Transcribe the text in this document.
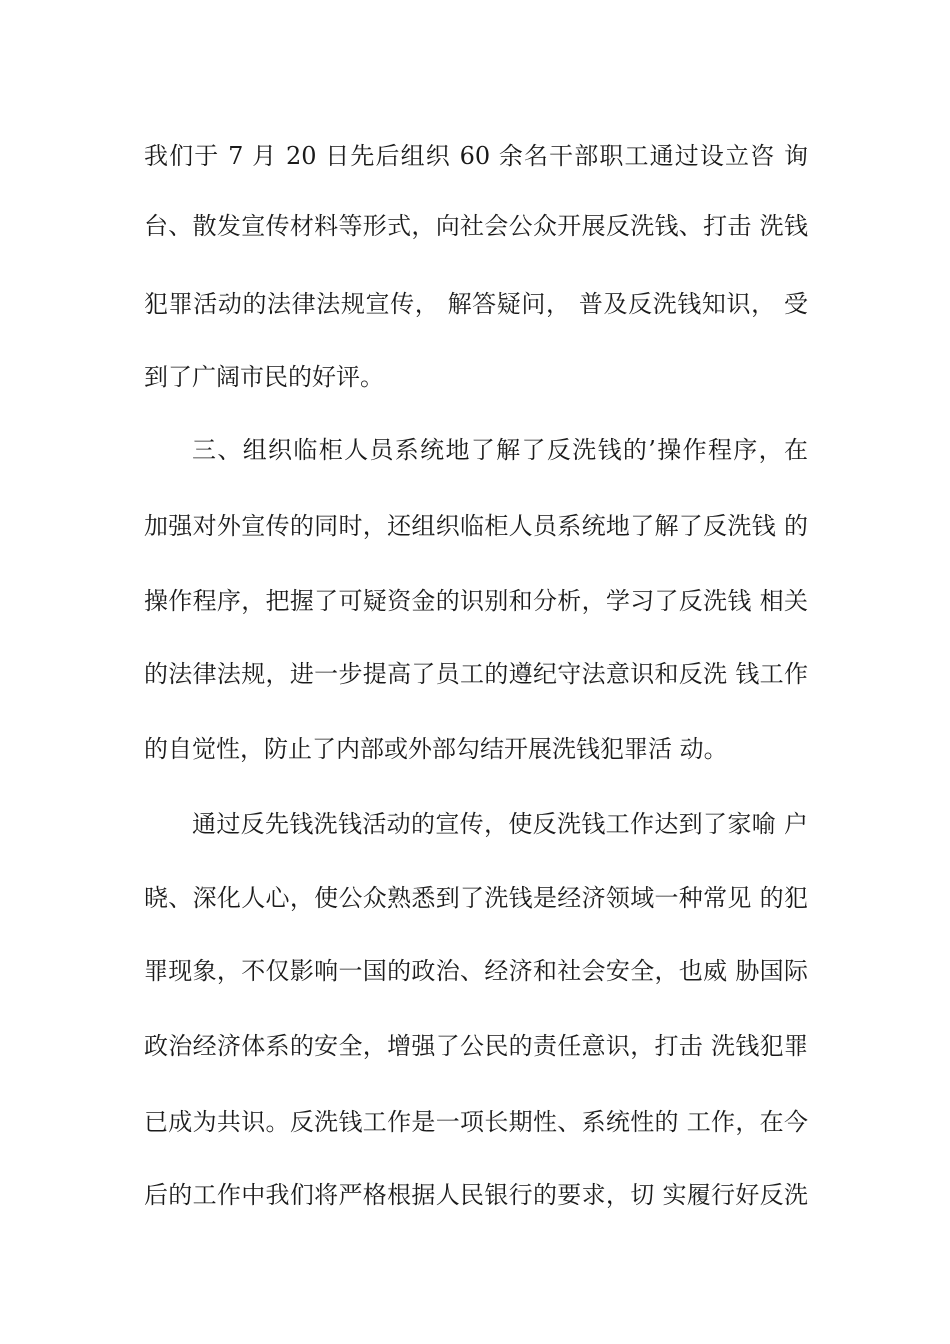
我们于 7 月 20 日先后组织 60 余名干部职工通过设立咨 询
台、散发宣传材料等形式，向社会公众开展反洗钱、打击 洗钱
犯罪活动的法律法规宣传， 解答疑问， 普及反洗钱知识， 受
到了广阔市民的好评。
三、组织临柜人员系统地了解了反洗钱的’操作程序，在
加强对外宣传的同时，还组织临柜人员系统地了解了反洗钱 的
操作程序，把握了可疑资金的识别和分析，学习了反洗钱 相关
的法律法规，进一步提高了员工的遵纪守法意识和反洗 钱工作
的自觉性，防止了内部或外部勾结开展洗钱犯罪活 动。
通过反先钱洗钱活动的宣传，使反洗钱工作达到了家喻 户
晓、深化人心，使公众熟悉到了洗钱是经济领域一种常见 的犯
罪现象，不仅影响一国的政治、经济和社会安全，也威 胁国际
政治经济体系的安全，增强了公民的责任意识，打击 洗钱犯罪
已成为共识。反洗钱工作是一项长期性、系统性的 工作，在今
后的工作中我们将严格根据人民银行的要求，切 实履行好反洗
